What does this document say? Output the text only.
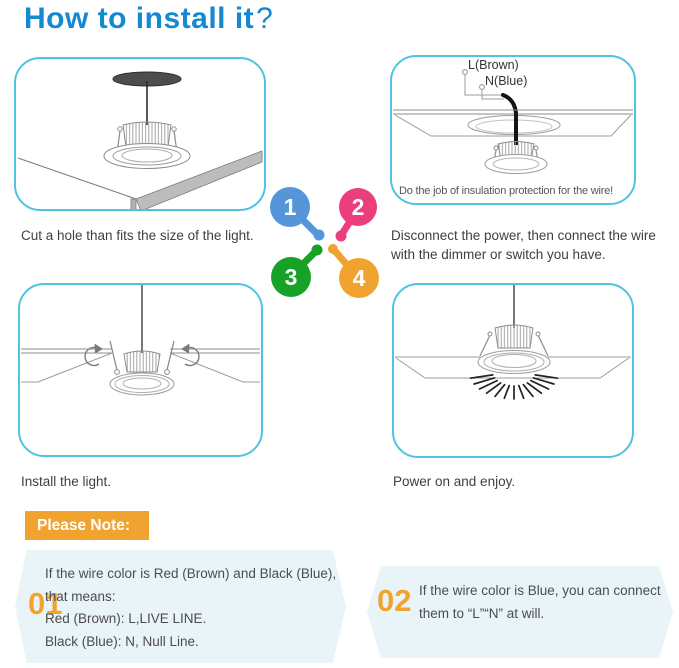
How to install it?
L(Brown)
N(Blue)
Do the job of insulation protection for the wire!
Cut a hole than fits the size of the light.	Disconnect the power, then connect the wire
with the dimmer or switch you have.
Install the light.	Power on and enjoy.
1 2
3 4
Please Note:
01
If the wire color is Red (Brown) and Black (Blue),
that means:
Red (Brown): L,LIVE LINE.
Black (Blue): N, Null Line.
02 If the wire color is Blue, you can connect
them to “L”“N” at will.
